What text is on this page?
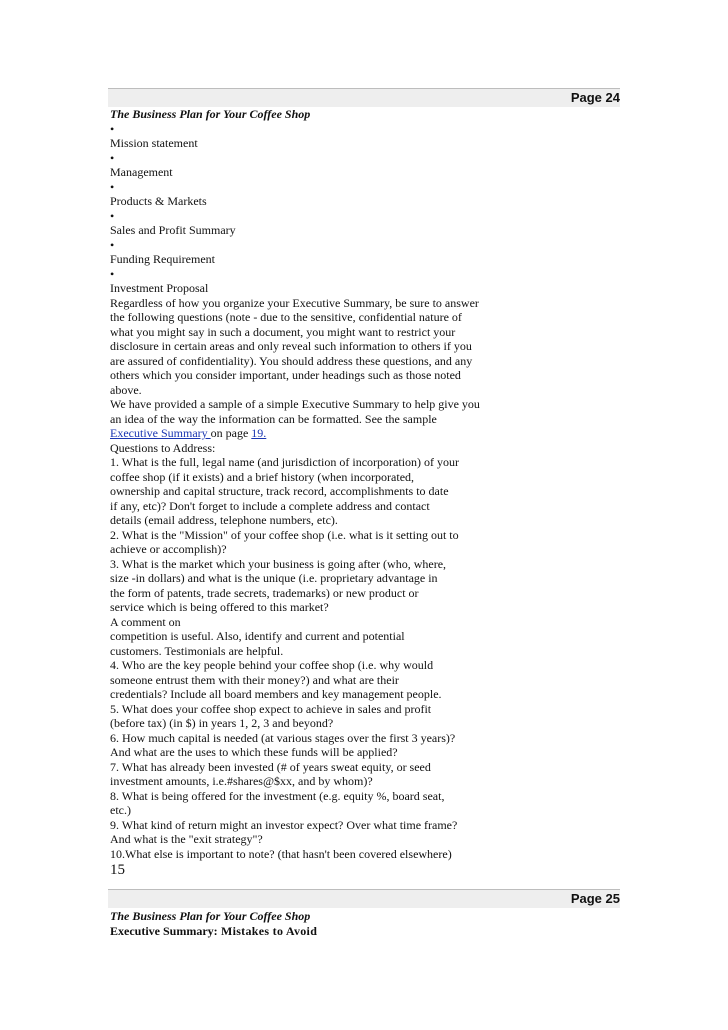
Page 24
The Business Plan for Your Coffee Shop
•
Mission statement
•
Management
•
Products & Markets
•
Sales and Profit Summary
•
Funding Requirement
•
Investment Proposal
Regardless of how you organize your Executive Summary, be sure to answer
the following questions (note - due to the sensitive, confidential nature of
what you might say in such a document, you might want to restrict your
disclosure in certain areas and only reveal such information to others if you
are assured of confidentiality). You should address these questions, and any
others which you consider important, under headings such as those noted
above.
We have provided a sample of a simple Executive Summary to help give you
an idea of the way the information can be formatted. See the sample
Executive Summary on page 19.
Questions to Address:
1. What is the full, legal name (and jurisdiction of incorporation) of your
coffee shop (if it exists) and a brief history (when incorporated,
ownership and capital structure, track record, accomplishments to date
if any, etc)? Don't forget to include a complete address and contact
details (email address, telephone numbers, etc).
2. What is the "Mission" of your coffee shop (i.e. what is it setting out to
achieve or accomplish)?
3. What is the market which your business is going after (who, where,
size -in dollars) and what is the unique (i.e. proprietary advantage in
the form of patents, trade secrets, trademarks) or new product or
service which is being offered to this market?
A comment on
competition is useful. Also, identify and current and potential
customers. Testimonials are helpful.
4. Who are the key people behind your coffee shop (i.e. why would
someone entrust them with their money?) and what are their
credentials? Include all board members and key management people.
5. What does your coffee shop expect to achieve in sales and profit
(before tax) (in $) in years 1, 2, 3 and beyond?
6. How much capital is needed (at various stages over the first 3 years)?
And what are the uses to which these funds will be applied?
7. What has already been invested (# of years sweat equity, or seed
investment amounts, i.e.#shares@$xx, and by whom)?
8. What is being offered for the investment (e.g. equity %, board seat,
etc.)
9. What kind of return might an investor expect? Over what time frame?
And what is the "exit strategy"?
10.What else is important to note? (that hasn't been covered elsewhere)
15
Page 25
The Business Plan for Your Coffee Shop
Executive Summary: Mistakes to Avoid
